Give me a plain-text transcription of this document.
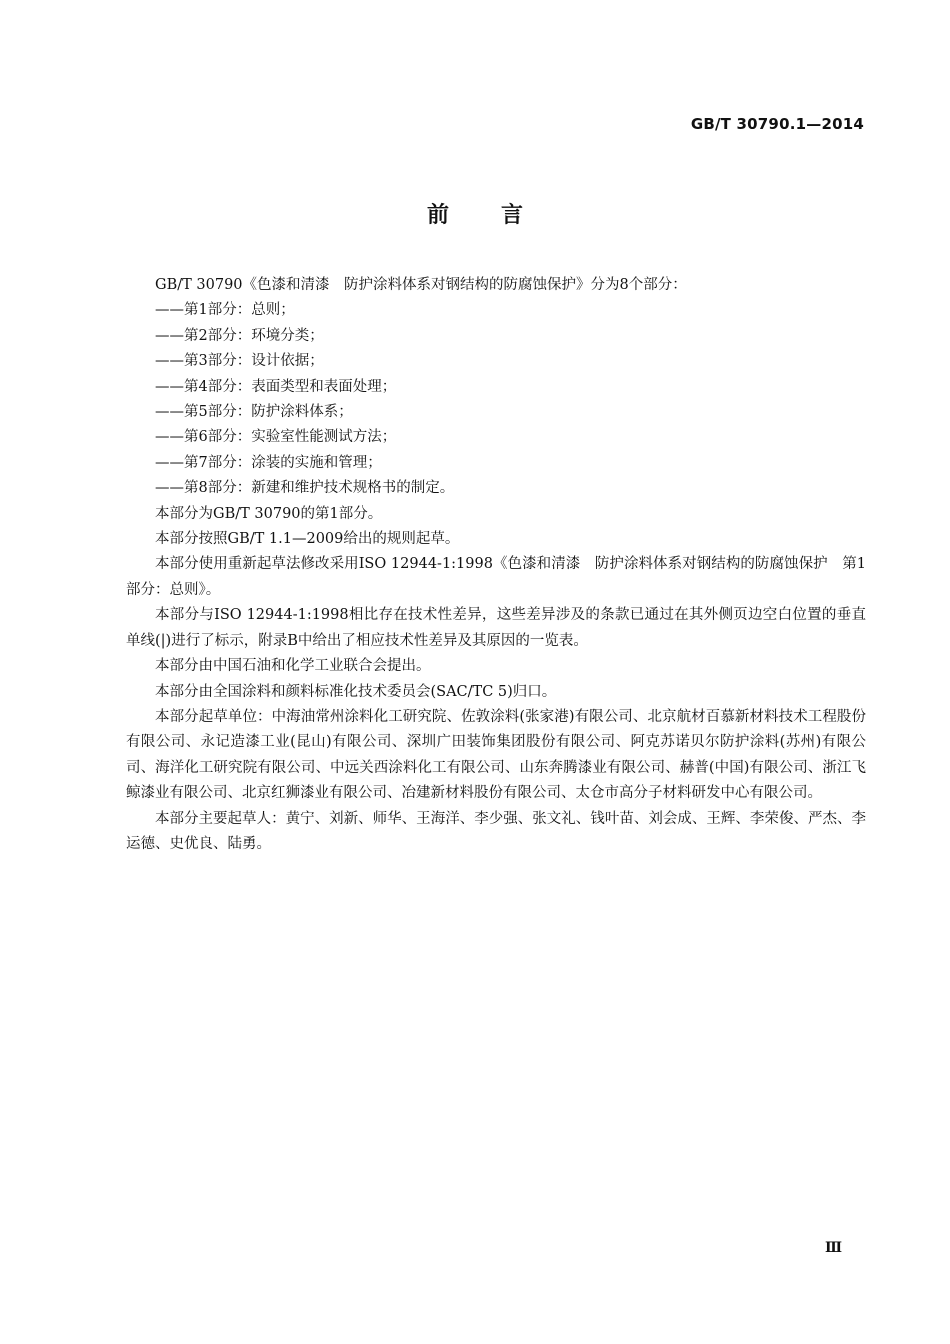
GB/T 30790.1—2014
前言

GB/T 30790《色漆和清漆　防护涂料体系对钢结构的防腐蚀保护》分为8个部分：

——第1部分：总则；
——第2部分：环境分类；
——第3部分：设计依据；
——第4部分：表面类型和表面处理；
——第5部分：防护涂料体系；
——第6部分：实验室性能测试方法；
——第7部分：涂装的实施和管理；
——第8部分：新建和维护技术规格书的制定。

本部分为GB/T 30790的第1部分。

本部分按照GB/T 1.1—2009给出的规则起草。

本部分使用重新起草法修改采用ISO 12944-1:1998《色漆和清漆　防护涂料体系对钢结构的防腐蚀保护　第1部分：总则》。

本部分与ISO 12944-1:1998相比存在技术性差异，这些差异涉及的条款已通过在其外侧页边空白位置的垂直单线(|)进行了标示，附录B中给出了相应技术性差异及其原因的一览表。

本部分由中国石油和化学工业联合会提出。

本部分由全国涂料和颜料标准化技术委员会(SAC/TC 5)归口。

本部分起草单位：中海油常州涂料化工研究院、佐敦涂料(张家港)有限公司、北京航材百慕新材料技术工程股份有限公司、永记造漆工业(昆山)有限公司、深圳广田装饰集团股份有限公司、阿克苏诺贝尔防护涂料(苏州)有限公司、海洋化工研究院有限公司、中远关西涂料化工有限公司、山东奔腾漆业有限公司、赫普(中国)有限公司、浙江飞鲸漆业有限公司、北京红狮漆业有限公司、冶建新材料股份有限公司、太仓市高分子材料研发中心有限公司。

本部分主要起草人：黄宁、刘新、师华、王海洋、李少强、张文礼、钱叶苗、刘会成、王辉、李荣俊、严杰、李运德、史优良、陆勇。

Ⅲ
